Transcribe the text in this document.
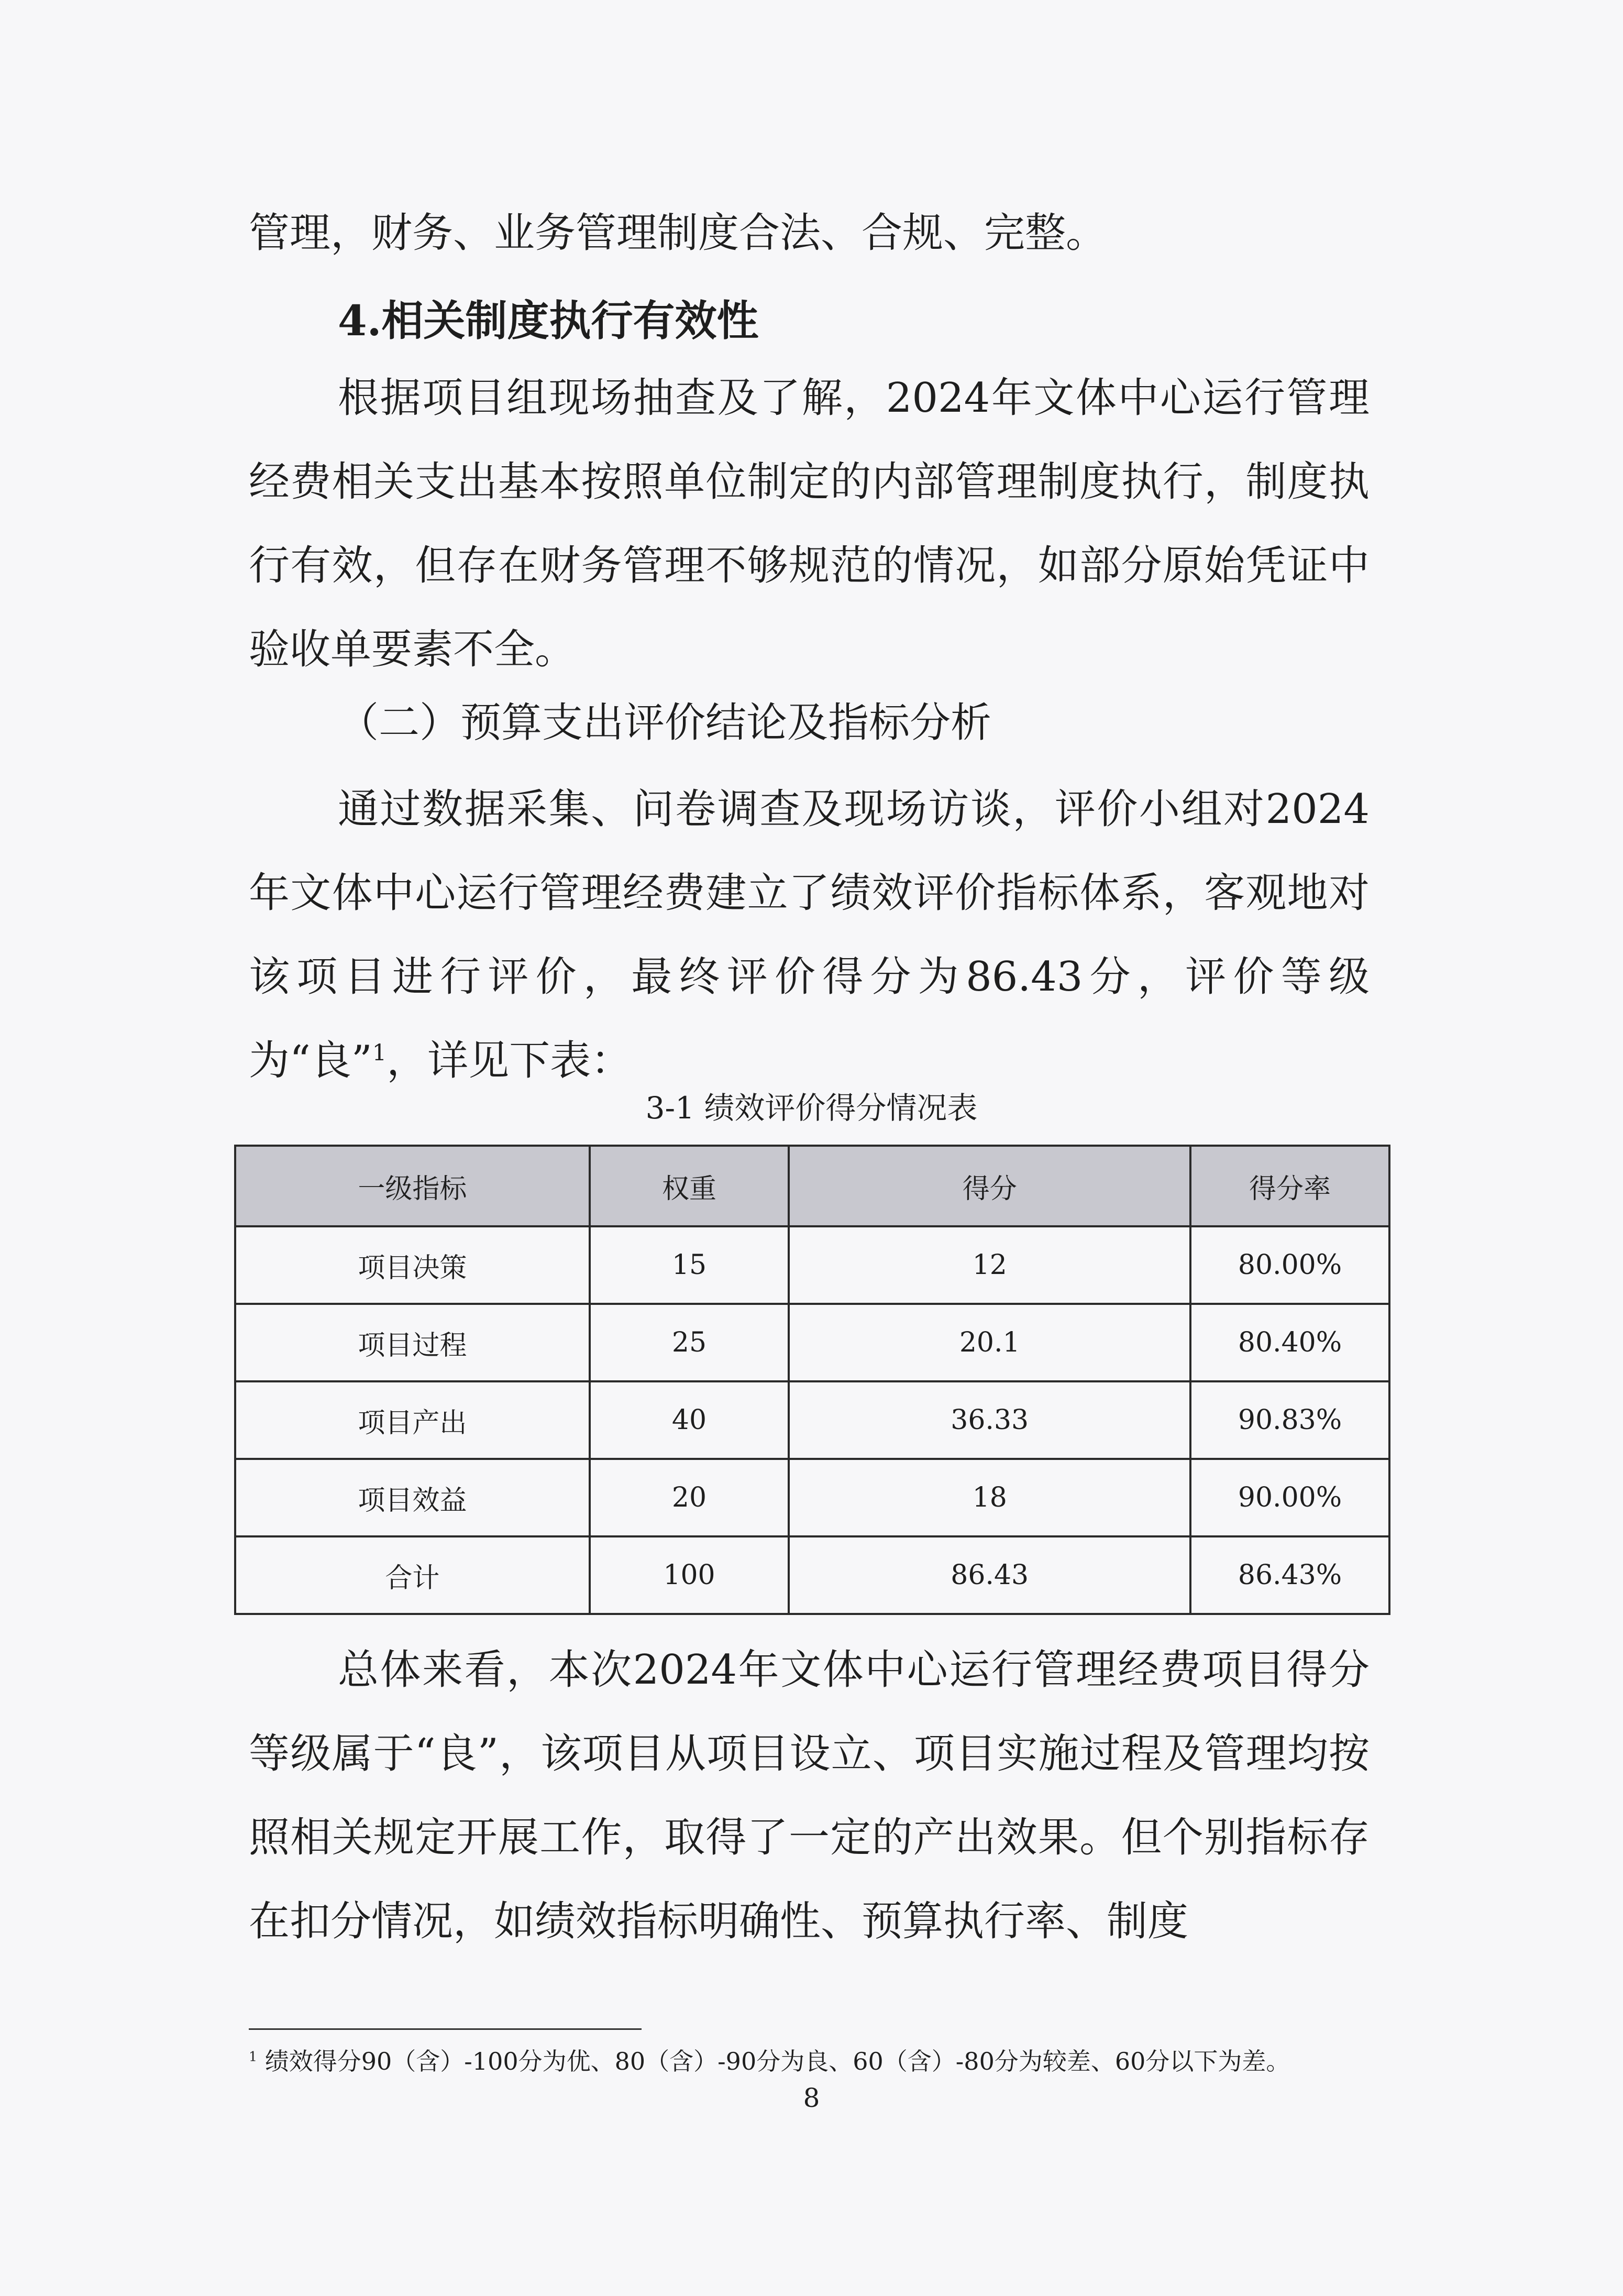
管理，财务、业务管理制度合法、合规、完整。

4.相关制度执行有效性

根据项目组现场抽查及了解，2024年文体中心运行管理经费相关支出基本按照单位制定的内部管理制度执行，制度执行有效，但存在财务管理不够规范的情况，如部分原始凭证中验收单要素不全。

（二）预算支出评价结论及指标分析

通过数据采集、问卷调查及现场访谈，评价小组对2024年文体中心运行管理经费建立了绩效评价指标体系，客观地对该项目进行评价，最终评价得分为86.43分，评价等级为“良”$^1$，详见下表：

3-1 绩效评价得分情况表
一级指标	权重	得分	得分率
项目决策	15	12	80.00%
项目过程	25	20.1	80.40%
项目产出	40	36.33	90.83%
项目效益	20	18	90.00%
合计	100	86.43	86.43%

总体来看，本次2024年文体中心运行管理经费项目得分等级属于“良”，该项目从项目设立、项目实施过程及管理均按照相关规定开展工作，取得了一定的产出效果。但个别指标存在扣分情况，如绩效指标明确性、预算执行率、制度

$^1$ 绩效得分90（含）-100分为优、80（含）-90分为良、60（含）-80分为较差、60分以下为差。
8
